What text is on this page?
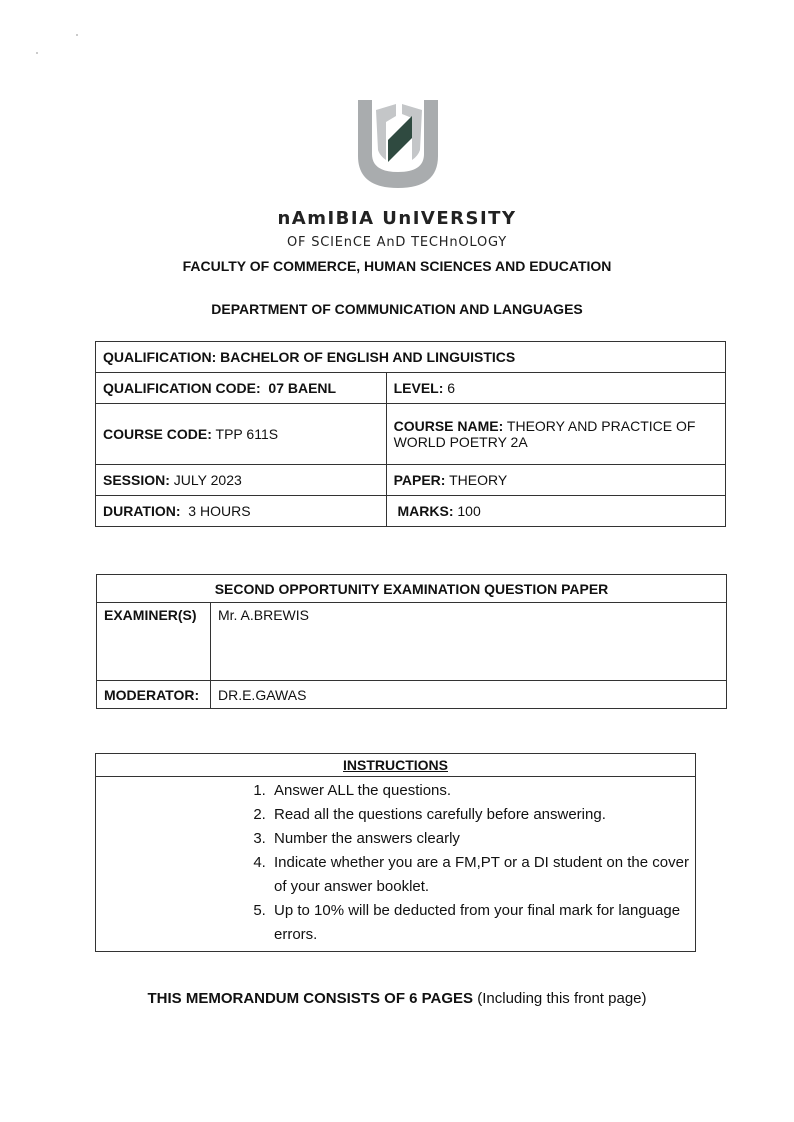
nAmIBIA UnIVERSITY
OF SCIEnCE AnD TECHnOLOGY
FACULTY OF COMMERCE, HUMAN SCIENCES AND EDUCATION
DEPARTMENT OF COMMUNICATION AND LANGUAGES
QUALIFICATION: BACHELOR OF ENGLISH AND LINGUISTICS	
QUALIFICATION CODE: 07 BAENL	LEVEL: 6
COURSE CODE: TPP 611S	COURSE NAME: THEORY AND PRACTICE OF WORLD POETRY 2A
SESSION: JULY 2023	PAPER: THEORY
DURATION: 3 HOURS	MARKS: 100
SECOND OPPORTUNITY EXAMINATION QUESTION PAPER	
EXAMINER(S)	Mr. A.BREWIS
MODERATOR:	DR.E.GAWAS
INSTRUCTIONS

1. Answer ALL the questions.
2. Read all the questions carefully before answering.
3. Number the answers clearly
4. Indicate whether you are a FM,PT or a DI student on the cover of your answer booklet.
5. Up to 10% will be deducted from your final mark for language errors.
THIS MEMORANDUM CONSISTS OF 6 PAGES (Including this front page)
